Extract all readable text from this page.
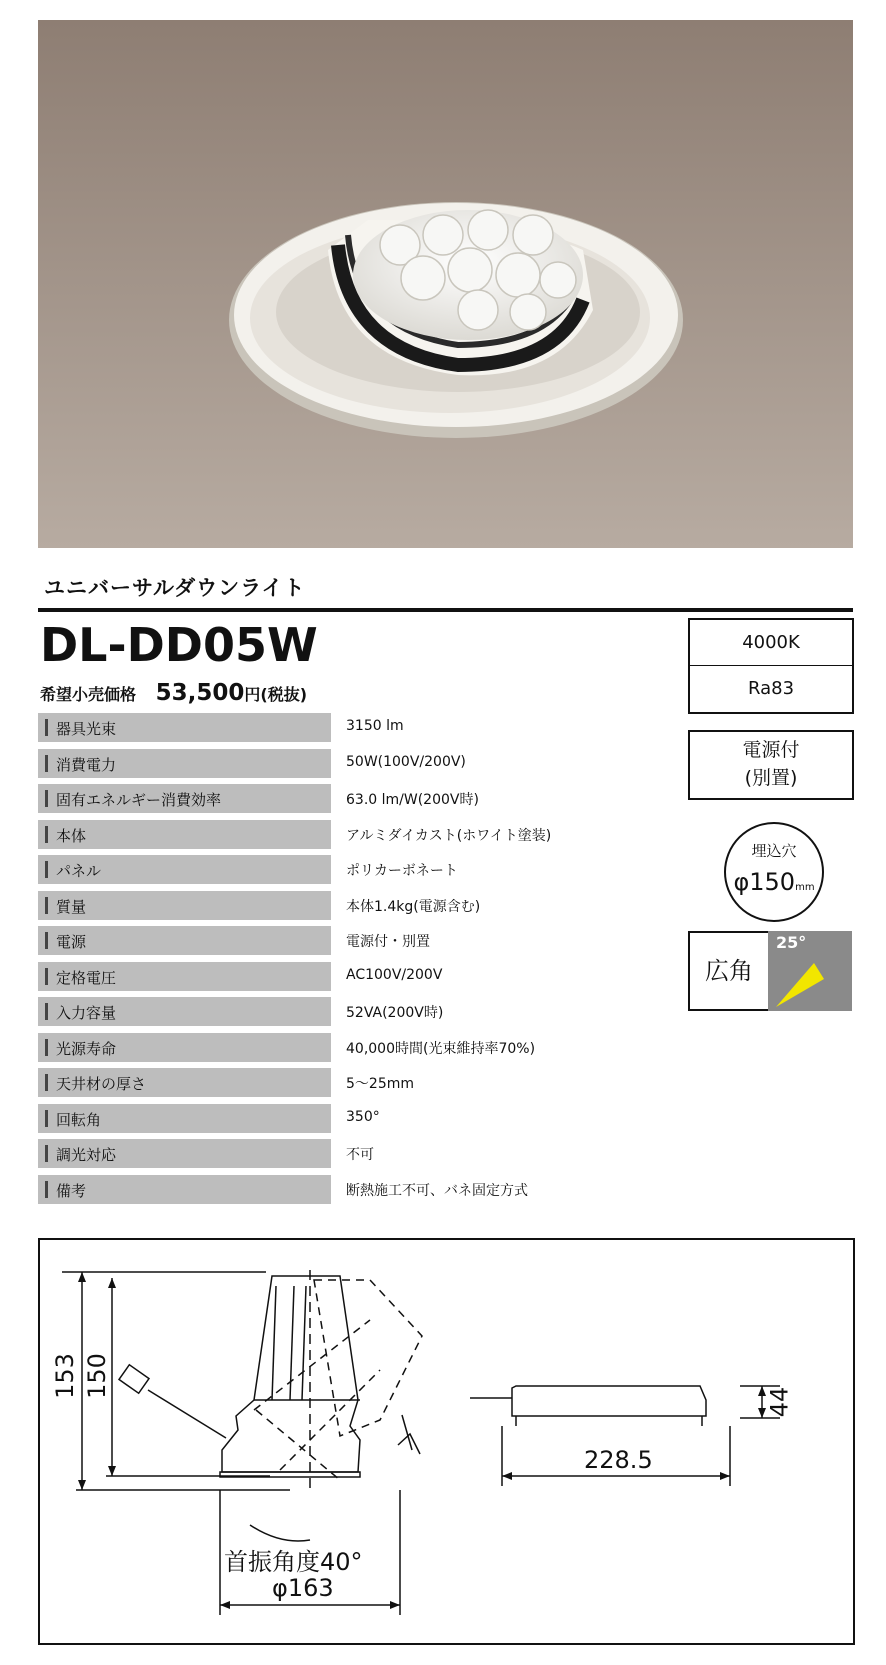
ユニバーサルダウンライト
DL-DD05W
希望小売価格 53,500円(税抜)
器具光束	3150 lm
消費電力	50W(100V/200V)
固有エネルギー消費効率	63.0 lm/W(200V時)
本体	アルミダイカスト(ホワイト塗装)
パネル	ポリカーボネート
質量	本体1.4kg(電源含む)
電源	電源付・別置
定格電圧	AC100V/200V
入力容量	52VA(200V時)
光源寿命	40,000時間(光束維持率70%)
天井材の厚さ	5〜25mm
回転角	350°
調光対応	不可
備考	断熱施工不可、バネ固定方式
4000K
Ra83
電源付
(別置)
埋込穴
φ150mm
広角
25°
153 150
首振角度40°
φ163
228.5
44
